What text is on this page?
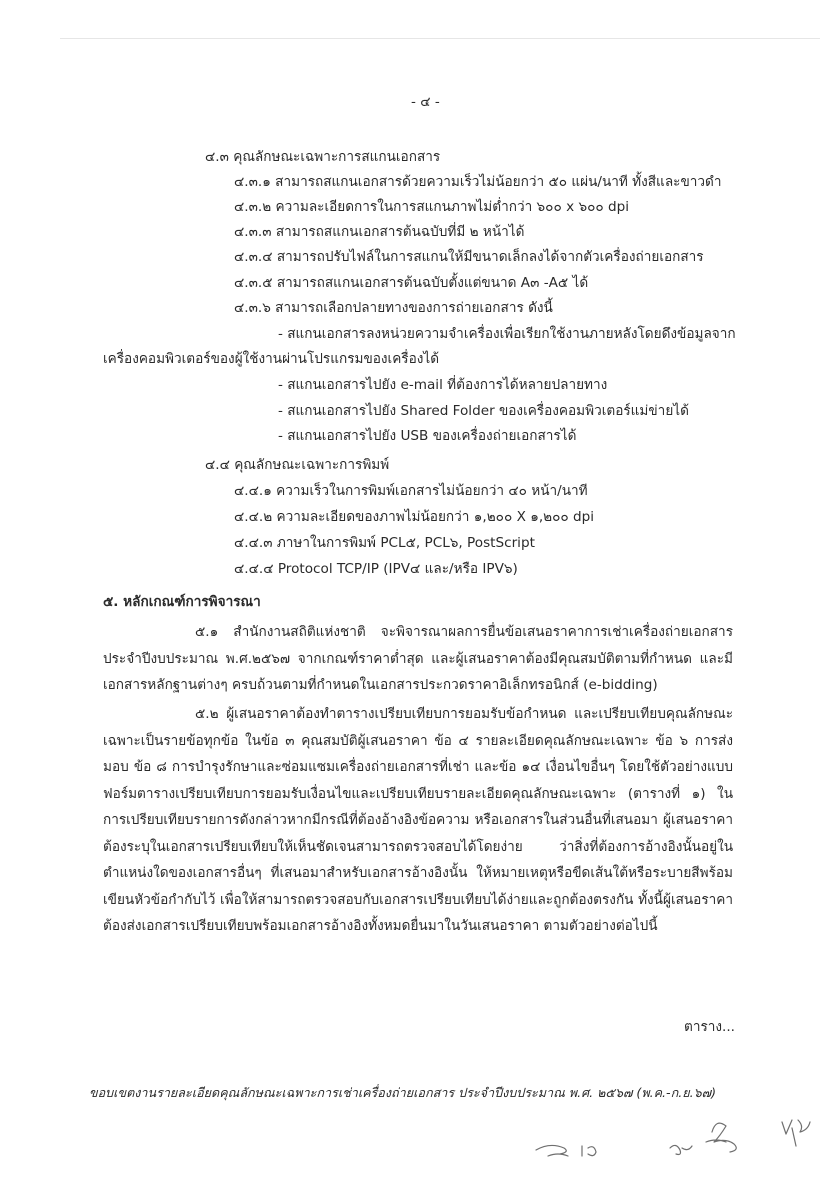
- ๔ -
๔.๓ คุณลักษณะเฉพาะการสแกนเอกสาร
๔.๓.๑ สามารถสแกนเอกสารด้วยความเร็วไม่น้อยกว่า ๕๐ แผ่น/นาที ทั้งสีและขาวดำ
๔.๓.๒ ความละเอียดการในการสแกนภาพไม่ต่ำกว่า ๖๐๐ x ๖๐๐ dpi
๔.๓.๓ สามารถสแกนเอกสารต้นฉบับที่มี ๒ หน้าได้
๔.๓.๔ สามารถปรับไฟล์ในการสแกนให้มีขนาดเล็กลงได้จากตัวเครื่องถ่ายเอกสาร
๔.๓.๕ สามารถสแกนเอกสารต้นฉบับตั้งแต่ขนาด A๓ -A๕ ได้
๔.๓.๖ สามารถเลือกปลายทางของการถ่ายเอกสาร ดังนี้
- สแกนเอกสารลงหน่วยความจำเครื่องเพื่อเรียกใช้งานภายหลังโดยดึงข้อมูลจาก
เครื่องคอมพิวเตอร์ของผู้ใช้งานผ่านโปรแกรมของเครื่องได้
- สแกนเอกสารไปยัง e-mail ที่ต้องการได้หลายปลายทาง
- สแกนเอกสารไปยัง Shared Folder ของเครื่องคอมพิวเตอร์แม่ข่ายได้
- สแกนเอกสารไปยัง USB ของเครื่องถ่ายเอกสารได้
๔.๔ คุณลักษณะเฉพาะการพิมพ์
๔.๔.๑ ความเร็วในการพิมพ์เอกสารไม่น้อยกว่า ๔๐ หน้า/นาที
๔.๔.๒ ความละเอียดของภาพไม่น้อยกว่า ๑,๒๐๐ X ๑,๒๐๐ dpi
๔.๔.๓ ภาษาในการพิมพ์ PCL๕, PCL๖, PostScript
๔.๔.๔ Protocol TCP/IP (IPV๔ และ/หรือ IPV๖)
๕. หลักเกณฑ์การพิจารณา
๕.๑ สำนักงานสถิติแห่งชาติ จะพิจารณาผลการยื่นข้อเสนอราคาการเช่าเครื่องถ่ายเอกสารประจำปีงบประมาณ พ.ศ.๒๕๖๗ จากเกณฑ์ราคาต่ำสุด และผู้เสนอราคาต้องมีคุณสมบัติตามที่กำหนด และมีเอกสารหลักฐานต่างๆ ครบถ้วนตามที่กำหนดในเอกสารประกวดราคาอิเล็กทรอนิกส์ (e-bidding)
๕.๒ ผู้เสนอราคาต้องทำตารางเปรียบเทียบการยอมรับข้อกำหนด และเปรียบเทียบคุณลักษณะเฉพาะเป็นรายข้อทุกข้อ ในข้อ ๓ คุณสมบัติผู้เสนอราคา ข้อ ๔ รายละเอียดคุณลักษณะเฉพาะ ข้อ ๖ การส่งมอบ ข้อ ๘ การบำรุงรักษาและซ่อมแซมเครื่องถ่ายเอกสารที่เช่า และข้อ ๑๔ เงื่อนไขอื่นๆ โดยใช้ตัวอย่างแบบฟอร์มตารางเปรียบเทียบการยอมรับเงื่อนไขและเปรียบเทียบรายละเอียดคุณลักษณะเฉพาะ (ตารางที่ ๑) ในการเปรียบเทียบรายการดังกล่าวหากมีกรณีที่ต้องอ้างอิงข้อความ หรือเอกสารในส่วนอื่นที่เสนอมา ผู้เสนอราคาต้องระบุในเอกสารเปรียบเทียบให้เห็นชัดเจนสามารถตรวจสอบได้โดยง่าย ว่าสิ่งที่ต้องการอ้างอิงนั้นอยู่ในตำแหน่งใดของเอกสารอื่นๆ ที่เสนอมาสำหรับเอกสารอ้างอิงนั้น ให้หมายเหตุหรือขีดเส้นใต้หรือระบายสีพร้อมเขียนหัวข้อกำกับไว้ เพื่อให้สามารถตรวจสอบกับเอกสารเปรียบเทียบได้ง่ายและถูกต้องตรงกัน ทั้งนี้ผู้เสนอราคาต้องส่งเอกสารเปรียบเทียบพร้อมเอกสารอ้างอิงทั้งหมดยื่นมาในวันเสนอราคา ตามตัวอย่างต่อไปนี้
ตาราง...
ขอบเขตงานรายละเอียดคุณลักษณะเฉพาะการเช่าเครื่องถ่ายเอกสาร ประจำปีงบประมาณ พ.ศ. ๒๕๖๗ (พ.ค.-ก.ย.๖๗)
